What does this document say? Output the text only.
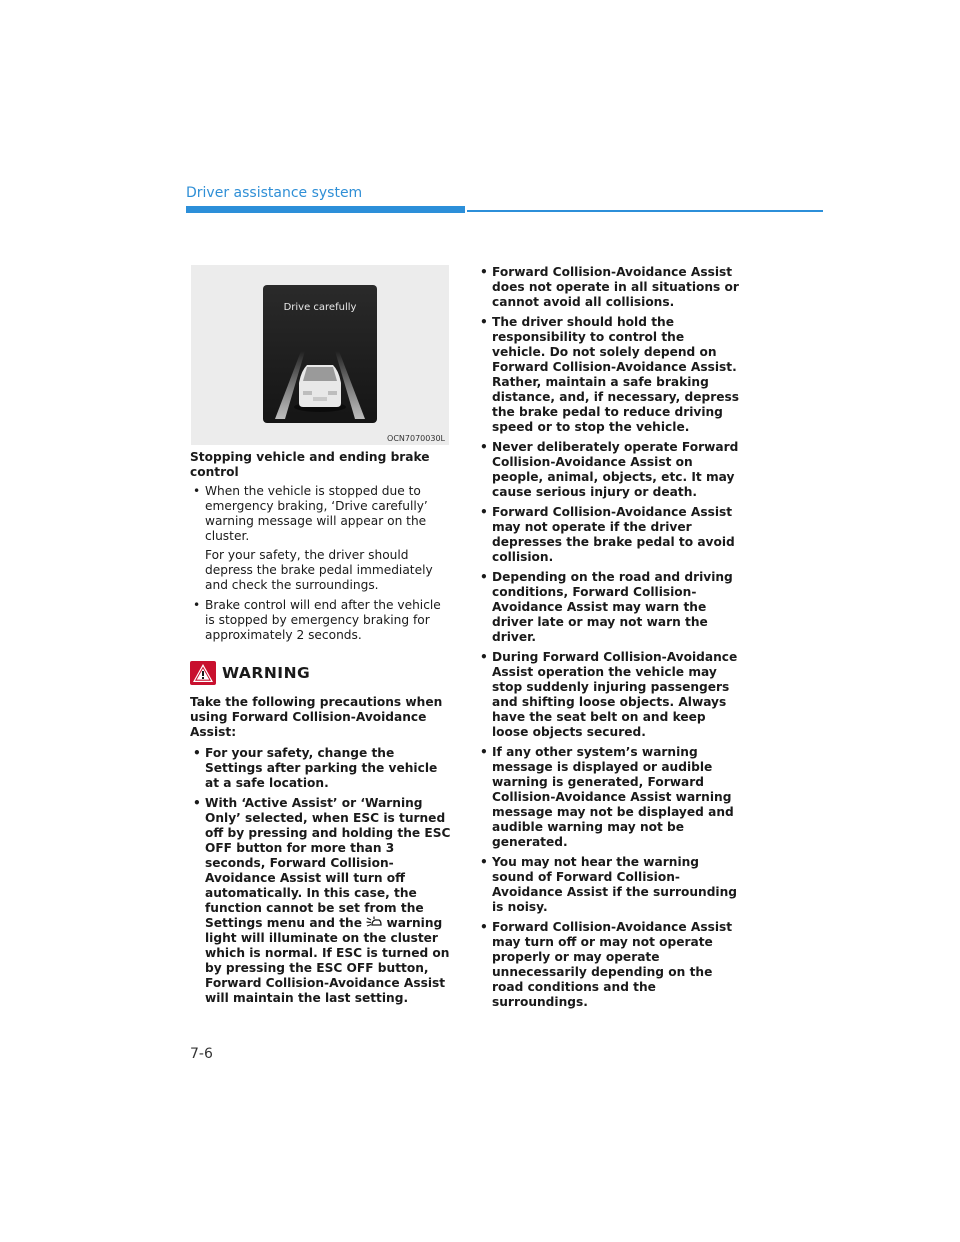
Driver assistance system
Drive carefully
OCN7070030L

Stopping vehicle and ending brake control

• When the vehicle is stopped due to emergency braking, ‘Drive carefully’ warning message will appear on the cluster.

For your safety, the driver should depress the brake pedal immediately and check the surroundings.

• Brake control will end after the vehicle is stopped by emergency braking for approximately 2 seconds.
WARNING

Take the following precautions when using Forward Collision-Avoidance Assist:

• For your safety, change the Settings after parking the vehicle at a safe location.
• With ‘Active Assist’ or ‘Warning Only’ selected, when ESC is turned off by pressing and holding the ESC OFF button for more than 3 seconds, Forward Collision-Avoidance Assist will turn off automatically. In this case, the function cannot be set from the Settings menu and the warning light will illuminate on the cluster which is normal. If ESC is turned on by pressing the ESC OFF button, Forward Collision-Avoidance Assist will maintain the last setting.
• Forward Collision-Avoidance Assist does not operate in all situations or cannot avoid all collisions.
• The driver should hold the responsibility to control the vehicle. Do not solely depend on Forward Collision-Avoidance Assist. Rather, maintain a safe braking distance, and, if necessary, depress the brake pedal to reduce driving speed or to stop the vehicle.
• Never deliberately operate Forward Collision-Avoidance Assist on people, animal, objects, etc. It may cause serious injury or death.
• Forward Collision-Avoidance Assist may not operate if the driver depresses the brake pedal to avoid collision.
• Depending on the road and driving conditions, Forward Collision-Avoidance Assist may warn the driver late or may not warn the driver.
• During Forward Collision-Avoidance Assist operation the vehicle may stop suddenly injuring passengers and shifting loose objects. Always have the seat belt on and keep loose objects secured.
• If any other system’s warning message is displayed or audible warning is generated, Forward Collision-Avoidance Assist warning message may not be displayed and audible warning may not be generated.
• You may not hear the warning sound of Forward Collision-Avoidance Assist if the surrounding is noisy.
• Forward Collision-Avoidance Assist may turn off or may not operate properly or may operate unnecessarily depending on the road conditions and the surroundings.
7-6
